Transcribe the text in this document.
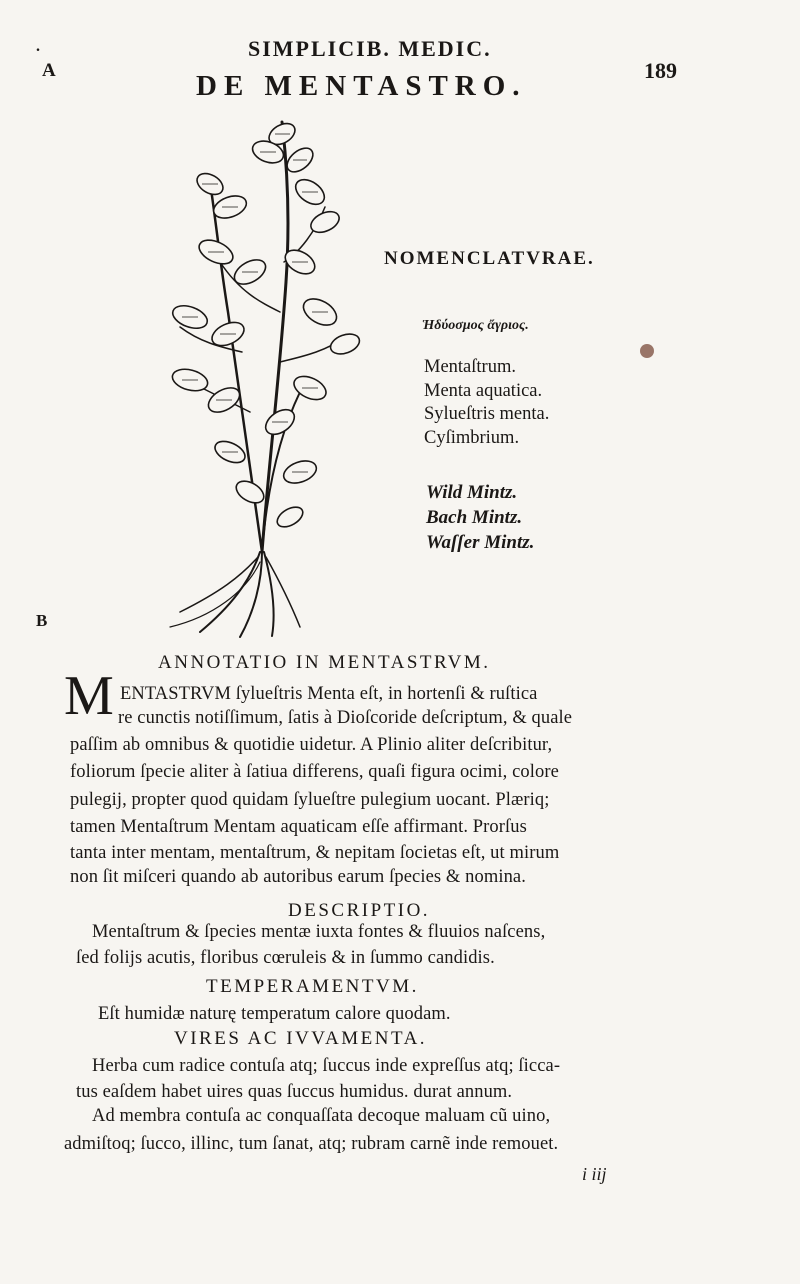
.
A
B
SIMPLICIB. MEDIC.
DE MENTASTRO.	189
NOMENCLATVRAE.
Ἡδύοσμος ἄγριος.
Mentaſtrum.
Menta aquatica.
Sylueſtris menta.
Cyſimbrium.
Wild Mintz.
Bach Mintz.
Waſſer Mintz.
ANNOTATIO IN MENTASTRVM.
M ENTASTRVM ſylueſtris Menta eſt, in hortenſi & ruſtica
re cunctis notiſſimum, ſatis à Dioſcoride deſcriptum, & quale
paſſim ab omnibus & quotidie uidetur. A Plinio aliter deſcribitur,
foliorum ſpecie aliter à ſatiua differens, quaſi figura ocimi, colore
pulegij, propter quod quidam ſylueſtre pulegium uocant. Plæriq;
tamen Mentaſtrum Mentam aquaticam eſſe affirmant. Prorſus
tanta inter mentam, mentaſtrum, & nepitam ſocietas eſt, ut mirum
non ſit miſceri quando ab autoribus earum ſpecies & nomina.
DESCRIPTIO.
Mentaſtrum & ſpecies mentæ iuxta fontes & fluuios naſcens,
ſed folijs acutis, floribus cœruleis & in ſummo candidis.
TEMPERAMENTVM.
Eſt humidæ naturę temperatum calore quodam.
VIRES AC IVVAMENTA.
Herba cum radice contuſa atq; ſuccus inde expreſſus atq; ſicca-
tus eaſdem habet uires quas ſuccus humidus. durat annum.
Ad membra contuſa ac conquaſſata decoque maluam cũ uino,
admiſtoq; ſucco, illinc, tum ſanat, atq; rubram carnẽ inde remouet.
i iij
